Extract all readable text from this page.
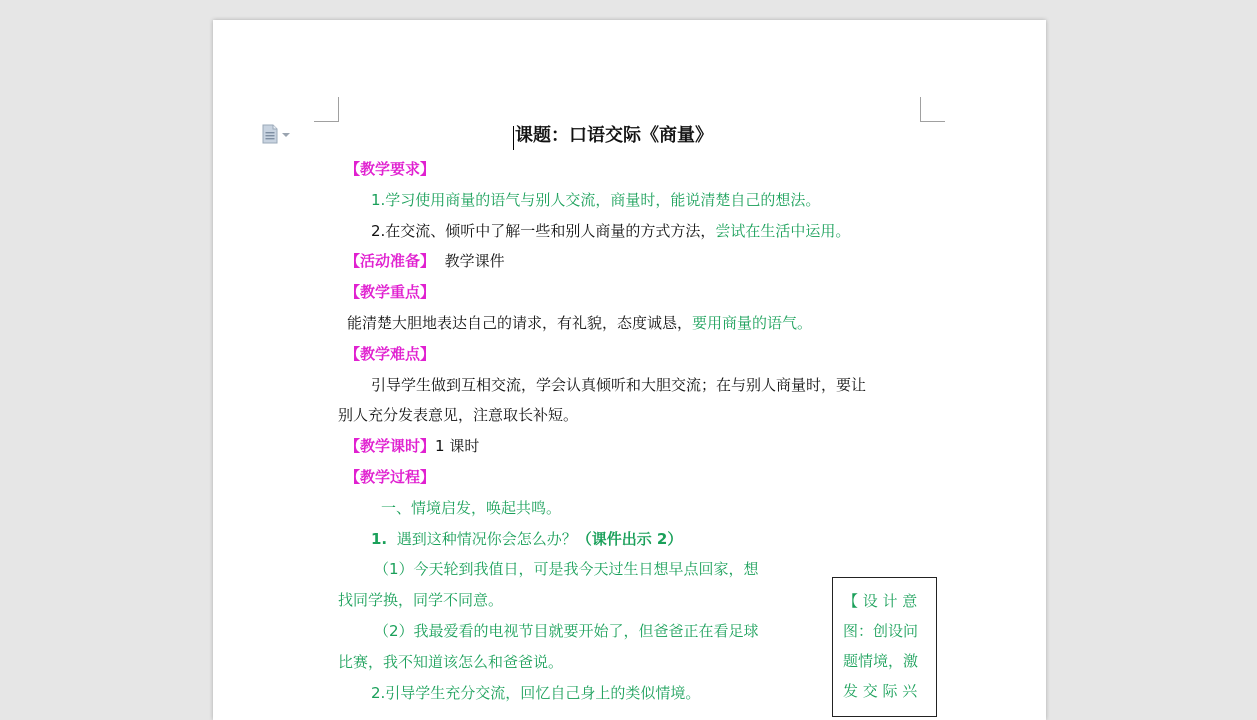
课题：口语交际《商量》
【教学要求】
1.学习使用商量的语气与别人交流，商量时，能说清楚自己的想法。
2.在交流、倾听中了解一些和别人商量的方式方法，尝试在生活中运用。
【活动准备】 教学课件
【教学重点】
能清楚大胆地表达自己的请求，有礼貌，态度诚恳，要用商量的语气。
【教学难点】
引导学生做到互相交流，学会认真倾听和大胆交流；在与别人商量时，要让
别人充分发表意见，注意取长补短。
【教学课时】1 课时
【教学过程】
一、情境启发，唤起共鸣。
1. 遇到这种情况你会怎么办？（课件出示 2）
（1）今天轮到我值日，可是我今天过生日想早点回家，想
找同学换，同学不同意。
（2）我最爱看的电视节目就要开始了，但爸爸正在看足球
比赛，我不知道该怎么和爸爸说。
2.引导学生充分交流，回忆自己身上的类似情境。
【 设 计 意
图：创设问
题情境，激
发 交 际 兴
